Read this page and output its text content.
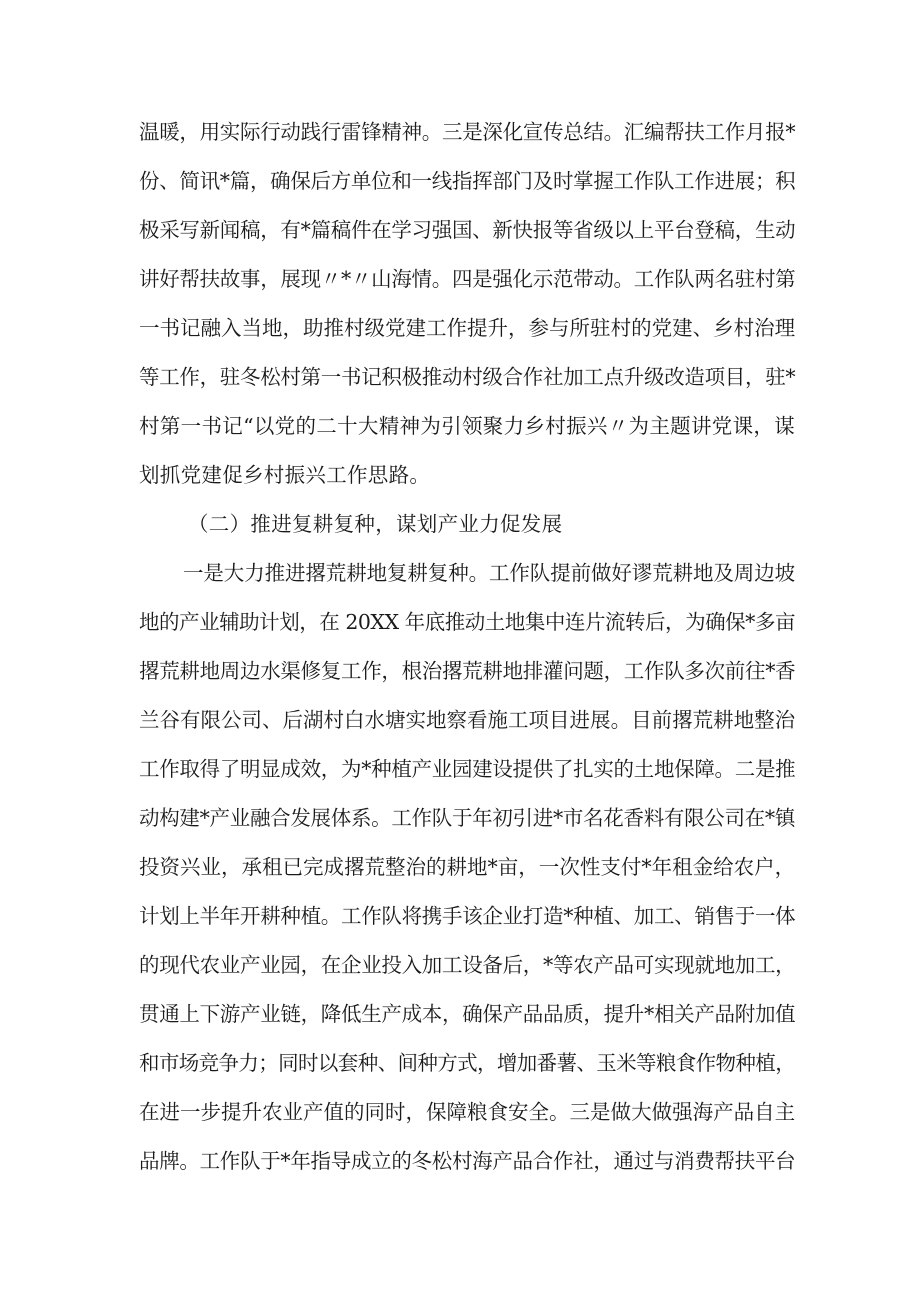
温暖，用实际行动践行雷锋精神。三是深化宣传总结。汇编帮扶工作月报*
份、简讯*篇，确保后方单位和一线指挥部门及时掌握工作队工作进展；积
极采写新闻稿，有*篇稿件在学习强国、新快报等省级以上平台登稿，生动
讲好帮扶故事，展现〃*〃山海情。四是强化示范带动。工作队两名驻村第
一书记融入当地，助推村级党建工作提升，参与所驻村的党建、乡村治理
等工作，驻冬松村第一书记积极推动村级合作社加工点升级改造项目，驻*
村第一书记“以党的二十大精神为引领聚力乡村振兴〃为主题讲党课，谋
划抓党建促乡村振兴工作思路。
（二）推进复耕复种，谋划产业力促发展
一是大力推进撂荒耕地复耕复种。工作队提前做好谬荒耕地及周边坡
地的产业辅助计划，在 20XX 年底推动土地集中连片流转后，为确保*多亩
撂荒耕地周边水渠修复工作，根治撂荒耕地排灌问题，工作队多次前往*香
兰谷有限公司、后湖村白水塘实地察看施工项目进展。目前撂荒耕地整治
工作取得了明显成效，为*种植产业园建设提供了扎实的土地保障。二是推
动构建*产业融合发展体系。工作队于年初引进*市名花香料有限公司在*镇
投资兴业，承租已完成撂荒整治的耕地*亩，一次性支付*年租金给农户，
计划上半年开耕种植。工作队将携手该企业打造*种植、加工、销售于一体
的现代农业产业园，在企业投入加工设备后，*等农产品可实现就地加工，
贯通上下游产业链，降低生产成本，确保产品品质，提升*相关产品附加值
和市场竞争力；同时以套种、间种方式，增加番薯、玉米等粮食作物种植，
在进一步提升农业产值的同时，保障粮食安全。三是做大做强海产品自主
品牌。工作队于*年指导成立的冬松村海产品合作社，通过与消费帮扶平台
